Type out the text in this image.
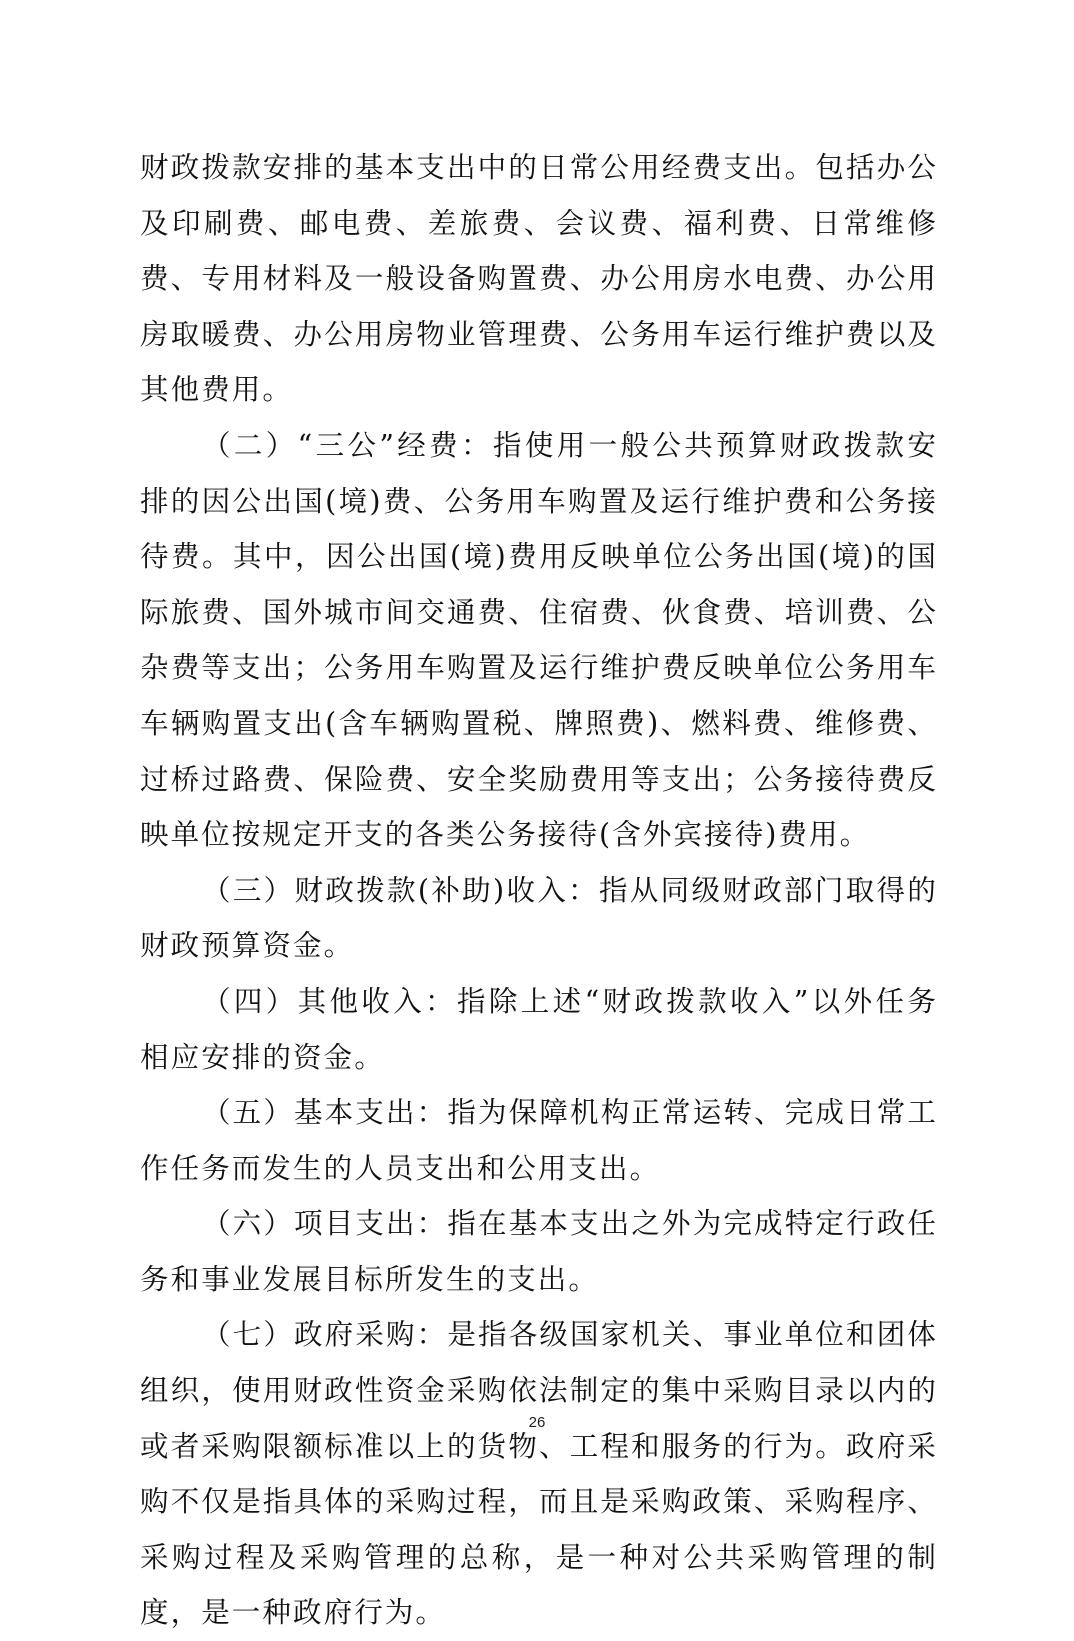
财政拨款安排的基本支出中的日常公用经费支出。包括办公及印刷费、邮电费、差旅费、会议费、福利费、日常维修费、专用材料及一般设备购置费、办公用房水电费、办公用房取暖费、办公用房物业管理费、公务用车运行维护费以及其他费用。

（二）“三公”经费：指使用一般公共预算财政拨款安排的因公出国(境)费、公务用车购置及运行维护费和公务接待费。其中，因公出国(境)费用反映单位公务出国(境)的国际旅费、国外城市间交通费、住宿费、伙食费、培训费、公杂费等支出；公务用车购置及运行维护费反映单位公务用车车辆购置支出(含车辆购置税、牌照费)、燃料费、维修费、过桥过路费、保险费、安全奖励费用等支出；公务接待费反映单位按规定开支的各类公务接待(含外宾接待)费用。

（三）财政拨款(补助)收入：指从同级财政部门取得的财政预算资金。

（四）其他收入：指除上述“财政拨款收入”以外任务相应安排的资金。

（五）基本支出：指为保障机构正常运转、完成日常工作任务而发生的人员支出和公用支出。

（六）项目支出：指在基本支出之外为完成特定行政任务和事业发展目标所发生的支出。

（七）政府采购：是指各级国家机关、事业单位和团体组织，使用财政性资金采购依法制定的集中采购目录以内的或者采购限额标准以上的货物、工程和服务的行为。政府采购不仅是指具体的采购过程，而且是采购政策、采购程序、采购过程及采购管理的总称，是一种对公共采购管理的制度，是一种政府行为。

26
